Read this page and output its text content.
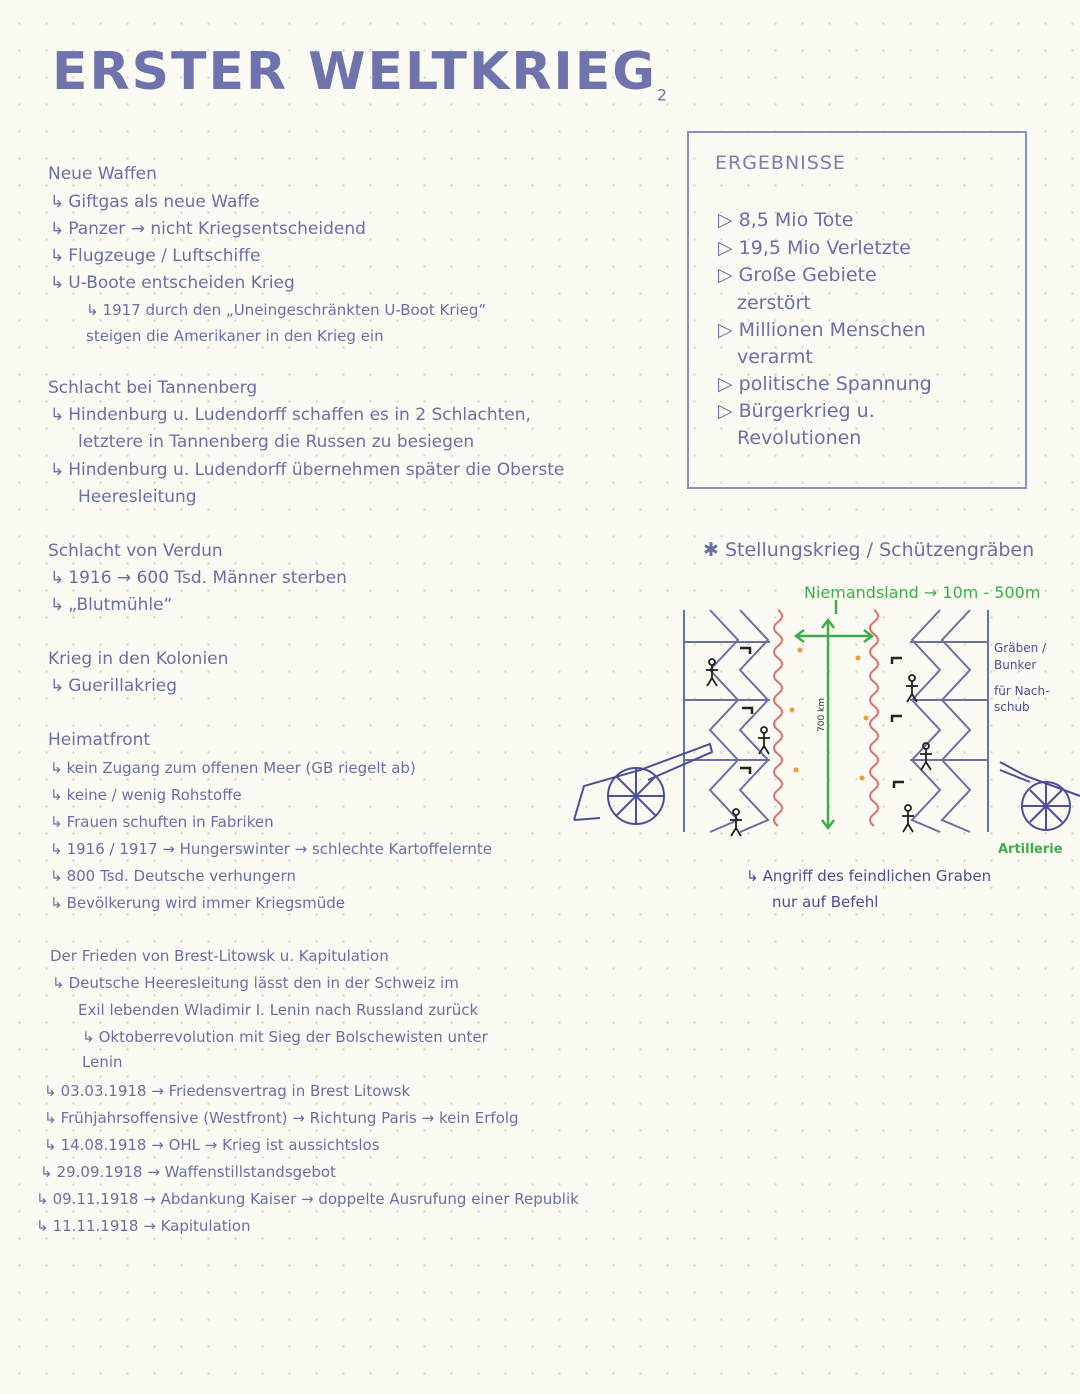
ERSTER $WELTKRIEG_2$
Neue Waffen
↳ Giftgas als neue Waffe
↳ Panzer → nicht Kriegsentscheidend
↳ Flugzeuge / Luftschiffe
↳ U-Boote entscheiden Krieg
↳ 1917 durch den „Uneingeschränkten U-Boot Krieg“
steigen die Amerikaner in den Krieg ein
Schlacht bei Tannenberg
↳ Hindenburg u. Ludendorff schaffen es in 2 Schlachten,
letztere in Tannenberg die Russen zu besiegen
↳ Hindenburg u. Ludendorff übernehmen später die Oberste
Heeresleitung
Schlacht von Verdun
↳ 1916 → 600 Tsd. Männer sterben
↳ „Blutmühle“
Krieg in den Kolonien
↳ Guerillakrieg
Heimatfront
↳ kein Zugang zum offenen Meer (GB riegelt ab)
↳ keine / wenig Rohstoffe
↳ Frauen schuften in Fabriken
↳ 1916 / 1917 → Hungerswinter → schlechte Kartoffelernte
↳ 800 Tsd. Deutsche verhungern
↳ Bevölkerung wird immer Kriegsmüde
Der Frieden von Brest-Litowsk u. Kapitulation
↳ Deutsche Heeresleitung lässt den in der Schweiz im
Exil lebenden Wladimir I. Lenin nach Russland zurück
↳ Oktoberrevolution mit Sieg der Bolschewisten unter
Lenin
↳ 03.03.1918 → Friedensvertrag in Brest Litowsk
↳ Frühjahrsoffensive (Westfront) → Richtung Paris → kein Erfolg
↳ 14.08.1918 → OHL → Krieg ist aussichtslos
↳ 29.09.1918 → Waffenstillstandsgebot
↳ 09.11.1918 → Abdankung Kaiser → doppelte Ausrufung einer Republik
↳ 11.11.1918 → Kapitulation
ERGEBNISSE
▷ 8,5 Mio Tote
▷ 19,5 Mio Verletzte
▷ Große Gebiete
zerstört
▷ Millionen Menschen
verarmt
▷ politische Spannung
▷ Bürgerkrieg u.
Revolutionen
✱ Stellungskrieg / Schützengräben
Niemandsland → 10m - 500m
Gräben /
Bunker
für Nach-
schub
Artillerie
↳ Angriff des feindlichen Graben
nur auf Befehl
700 km
